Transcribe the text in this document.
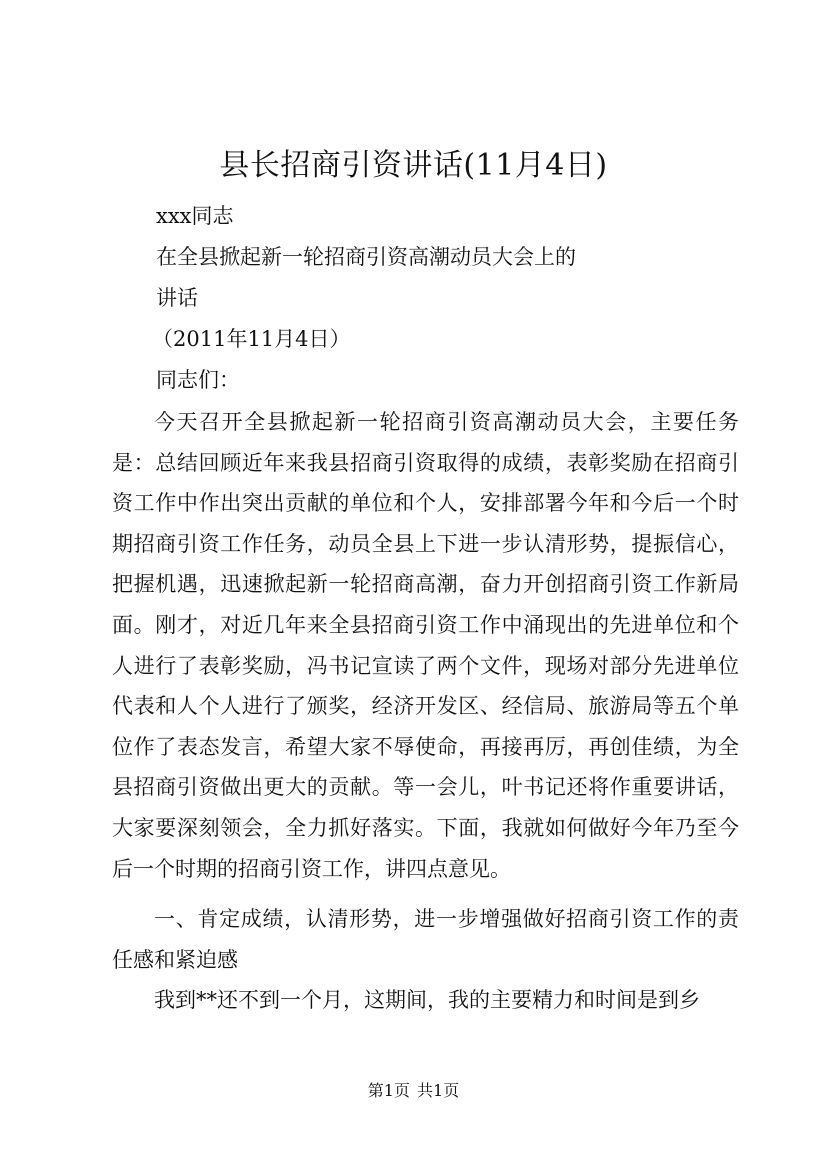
县长招商引资讲话(11月4日)
xxx同志
在全县掀起新一轮招商引资高潮动员大会上的
讲话
（2011年11月4日）
同志们：

今天召开全县掀起新一轮招商引资高潮动员大会，主要任务是：总结回顾近年来我县招商引资取得的成绩，表彰奖励在招商引资工作中作出突出贡献的单位和个人，安排部署今年和今后一个时期招商引资工作任务，动员全县上下进一步认清形势，提振信心，把握机遇，迅速掀起新一轮招商高潮，奋力开创招商引资工作新局面。刚才，对近几年来全县招商引资工作中涌现出的先进单位和个人进行了表彰奖励，冯书记宣读了两个文件，现场对部分先进单位代表和人个人进行了颁奖，经济开发区、经信局、旅游局等五个单位作了表态发言，希望大家不辱使命，再接再厉，再创佳绩，为全县招商引资做出更大的贡献。等一会儿，叶书记还将作重要讲话，大家要深刻领会，全力抓好落实。下面，我就如何做好今年乃至今后一个时期的招商引资工作，讲四点意见。

一、肯定成绩，认清形势，进一步增强做好招商引资工作的责任感和紧迫感

我到**还不到一个月，这期间，我的主要精力和时间是到乡

第1页 共1页
